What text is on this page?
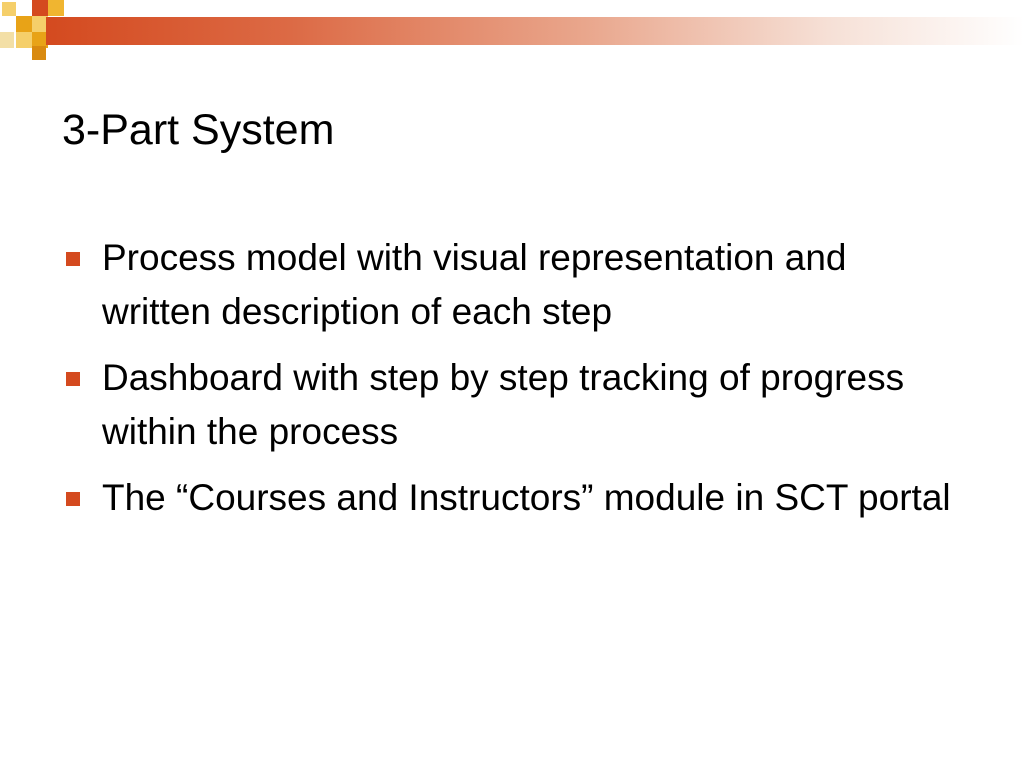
3-Part System
Process model with visual representation and written description of each step
Dashboard with step by step tracking of progress within the process
The “Courses and Instructors” module in SCT portal
